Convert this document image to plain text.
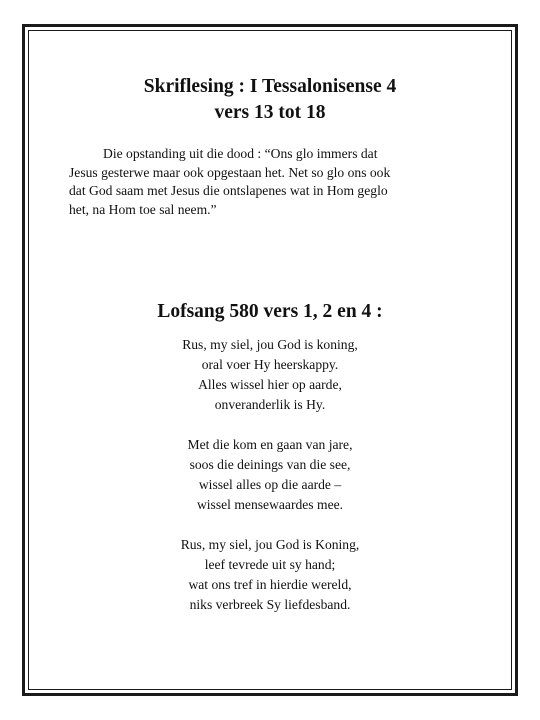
Skriflesing : I Tessalonisense 4
vers 13 tot 18

Die opstanding uit die dood : “Ons glo immers dat
Jesus gesterwe maar ook opgestaan het. Net so glo ons ook
dat God saam met Jesus die ontslapenes wat in Hom geglo
het, na Hom toe sal neem.”

Lofsang 580 vers 1, 2 en 4 :

Rus, my siel, jou God is koning,
oral voer Hy heerskappy.
Alles wissel hier op aarde,
onveranderlik is Hy.

Met die kom en gaan van jare,
soos die deinings van die see,
wissel alles op die aarde –
wissel mensewaardes mee.

Rus, my siel, jou God is Koning,
leef tevrede uit sy hand;
wat ons tref in hierdie wereld,
niks verbreek Sy liefdesband.
